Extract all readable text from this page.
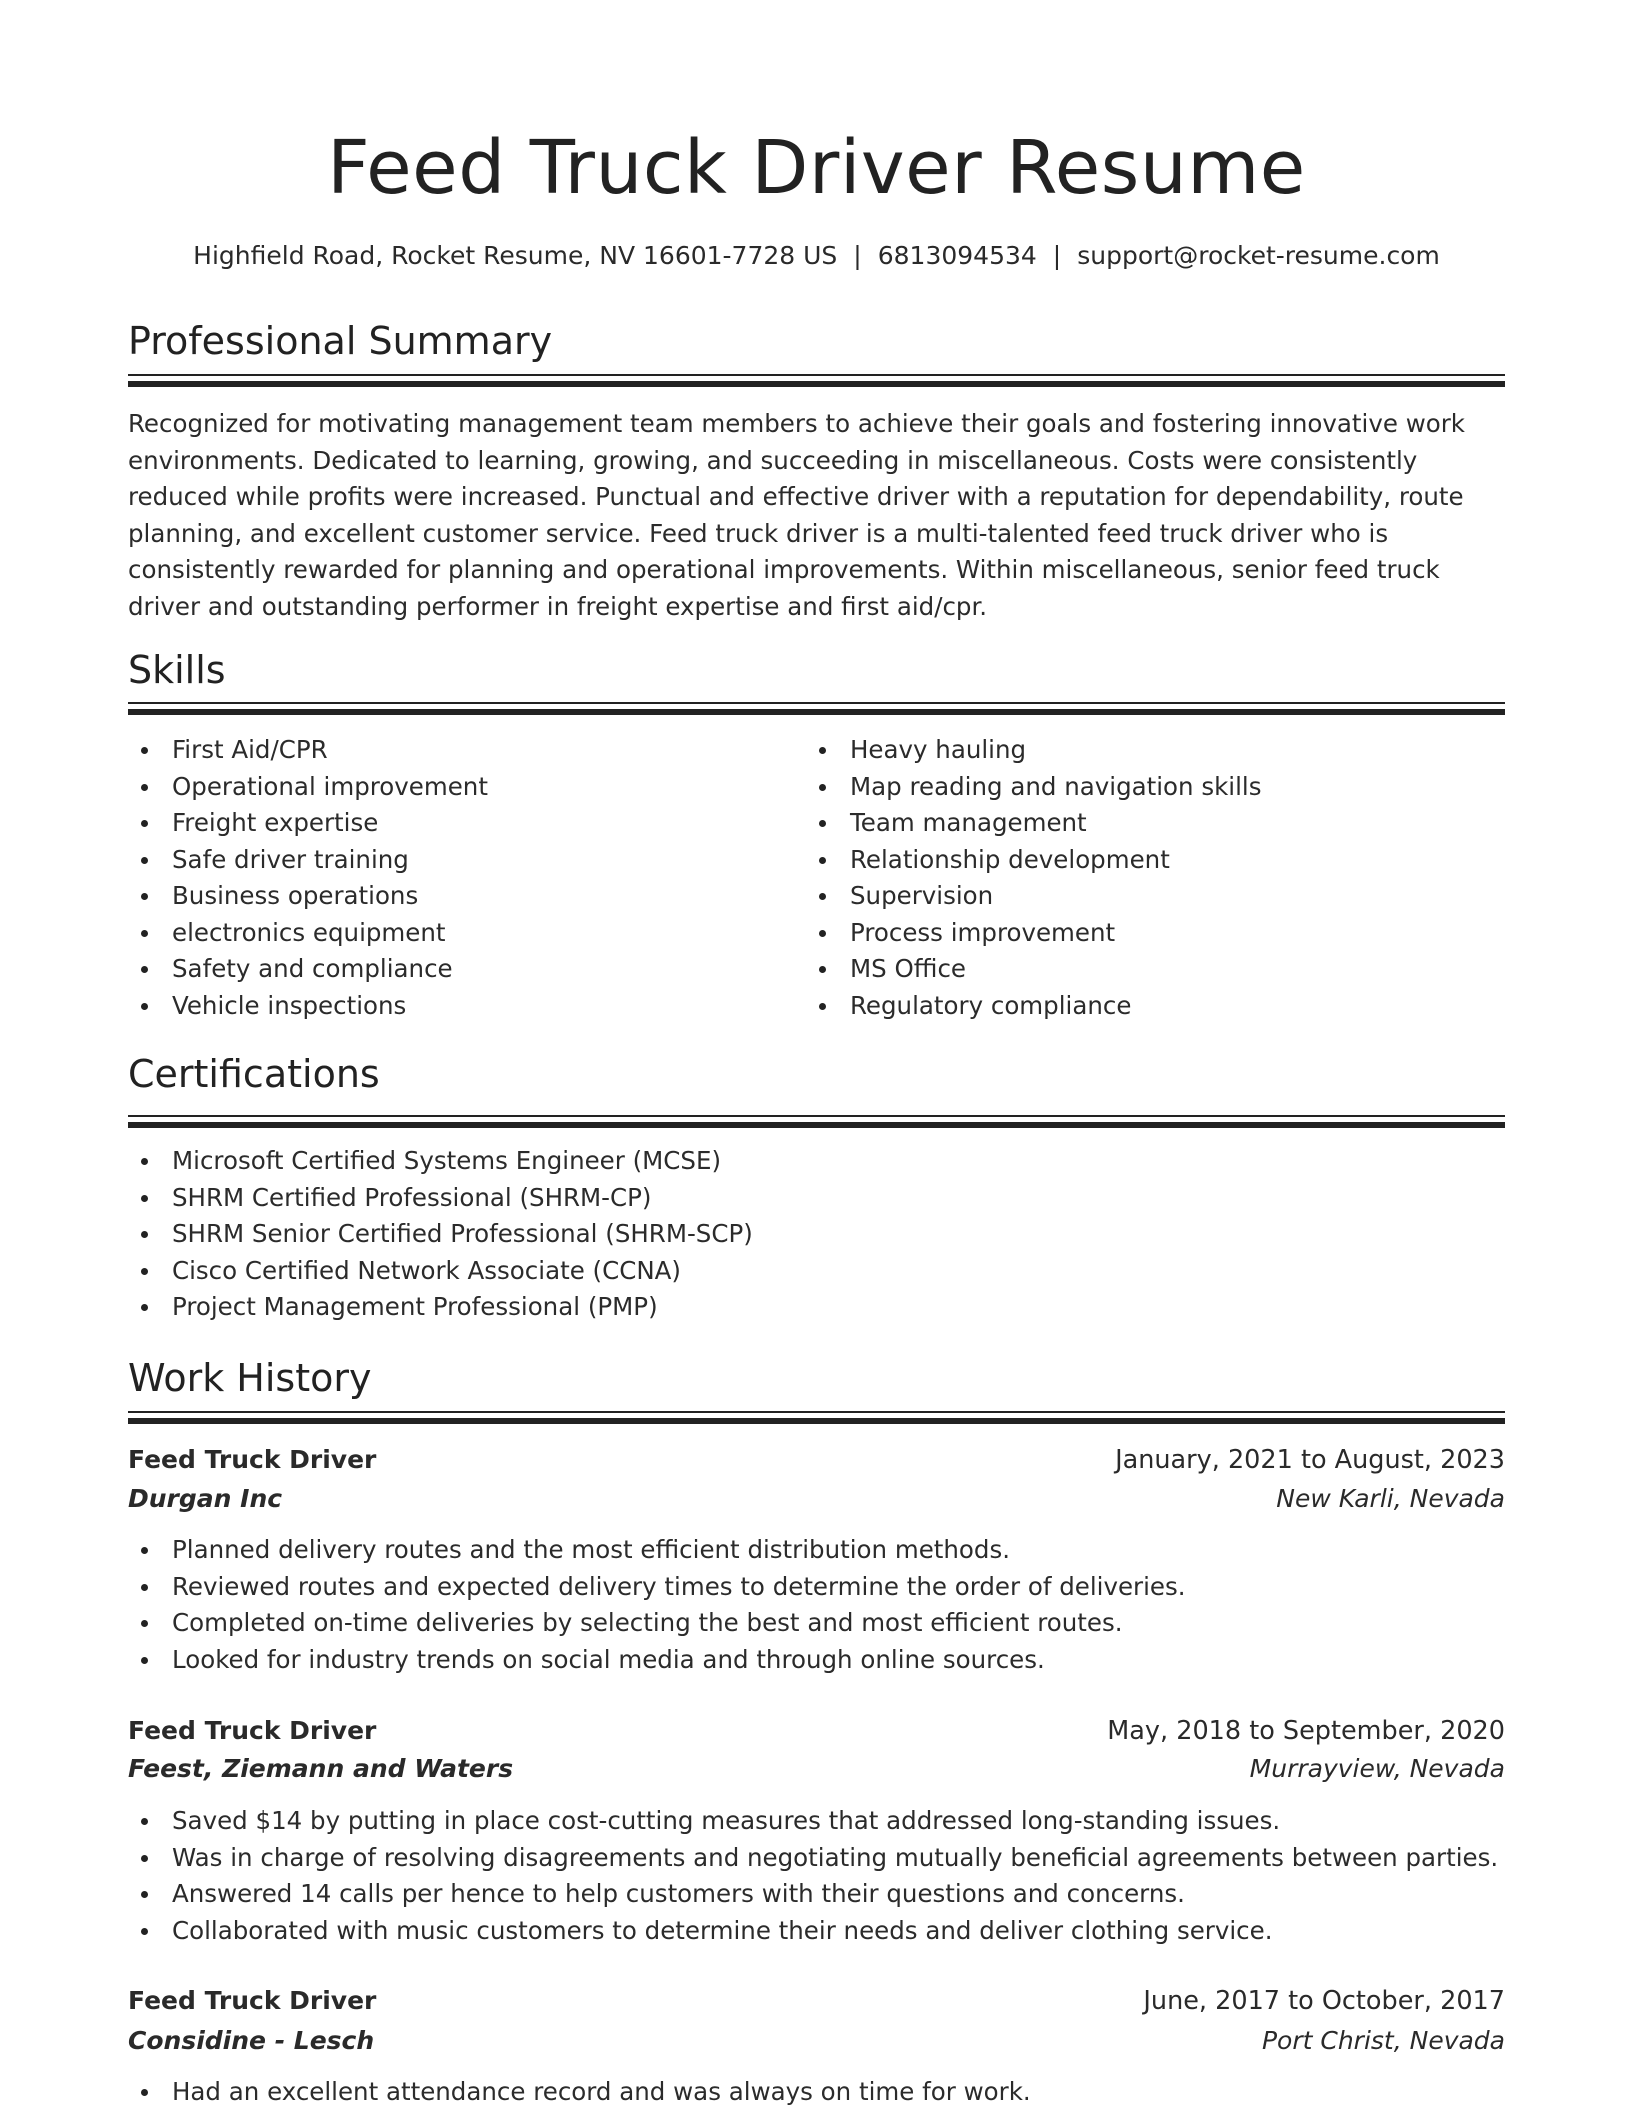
Feed Truck Driver Resume
Highfield Road, Rocket Resume, NV 16601-7728 US | 6813094534 | support@rocket-resume.com
Professional Summary

Recognized for motivating management team members to achieve their goals and fostering innovative work environments. Dedicated to learning, growing, and succeeding in miscellaneous. Costs were consistently reduced while profits were increased. Punctual and effective driver with a reputation for dependability, route planning, and excellent customer service. Feed truck driver is a multi-talented feed truck driver who is consistently rewarded for planning and operational improvements. Within miscellaneous, senior feed truck driver and outstanding performer in freight expertise and first aid/cpr.

Skills
First Aid/CPR
Operational improvement
Freight expertise
Safe driver training
Business operations
electronics equipment
Safety and compliance
Vehicle inspections
Heavy hauling
Map reading and navigation skills
Team management
Relationship development
Supervision
Process improvement
MS Office
Regulatory compliance
Certifications
Microsoft Certified Systems Engineer (MCSE)
SHRM Certified Professional (SHRM-CP)
SHRM Senior Certified Professional (SHRM-SCP)
Cisco Certified Network Associate (CCNA)
Project Management Professional (PMP)
Work History
Feed Truck Driver	January, 2021 to August, 2023
Durgan Inc	New Karli, Nevada
Planned delivery routes and the most efficient distribution methods.
Reviewed routes and expected delivery times to determine the order of deliveries.
Completed on-time deliveries by selecting the best and most efficient routes.
Looked for industry trends on social media and through online sources.
Feed Truck Driver	May, 2018 to September, 2020
Feest, Ziemann and Waters	Murrayview, Nevada
Saved $14 by putting in place cost-cutting measures that addressed long-standing issues.
Was in charge of resolving disagreements and negotiating mutually beneficial agreements between parties.
Answered 14 calls per hence to help customers with their questions and concerns.
Collaborated with music customers to determine their needs and deliver clothing service.
Feed Truck Driver	June, 2017 to October, 2017
Considine - Lesch	Port Christ, Nevada
Had an excellent attendance record and was always on time for work.
